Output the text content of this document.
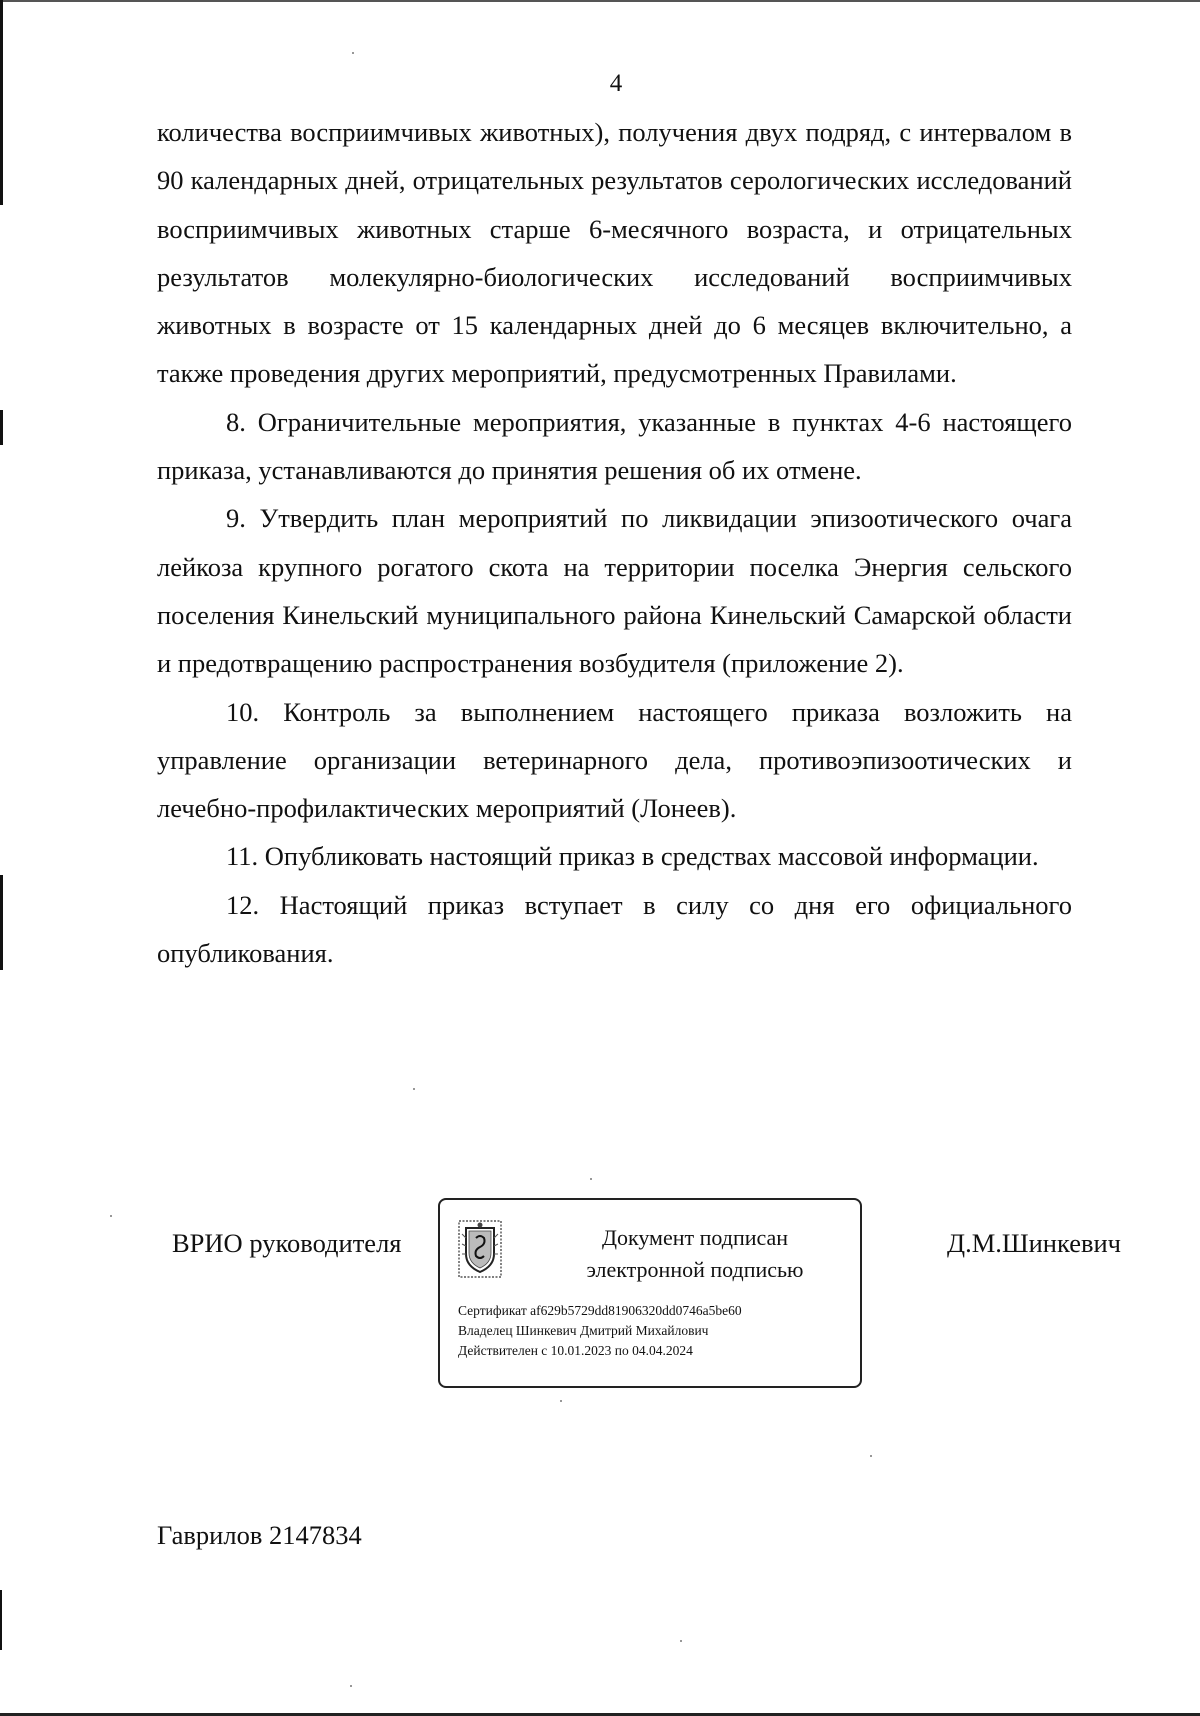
4

количества восприимчивых животных), получения двух подряд, с интервалом в 90 календарных дней, отрицательных результатов серологических исследований восприимчивых животных старше 6-месячного возраста, и отрицательных результатов молекулярно-биологических исследований восприимчивых животных в возрасте от 15 календарных дней до 6 месяцев включительно, а также проведения других мероприятий, предусмотренных Правилами.

8. Ограничительные мероприятия, указанные в пунктах 4-6 настоящего приказа, устанавливаются до принятия решения об их отмене.

9. Утвердить план мероприятий по ликвидации эпизоотического очага лейкоза крупного рогатого скота на территории поселка Энергия сельского поселения Кинельский муниципального района Кинельский Самарской области и предотвращению распространения возбудителя (приложение 2).

10. Контроль за выполнением настоящего приказа возложить на управление организации ветеринарного дела, противоэпизоотических и лечебно-профилактических мероприятий (Лонеев).

11. Опубликовать настоящий приказ в средствах массовой информации.

12. Настоящий приказ вступает в силу со дня его официального опубликования.

ВРИО руководителя	Документ подписан
электронной подписью
Сертификат af629b5729dd81906320dd0746a5be60
Владелец Шинкевич Дмитрий Михайлович
Действителен с 10.01.2023 по 04.04.2024
Д.М.Шинкевич
Гаврилов 2147834
